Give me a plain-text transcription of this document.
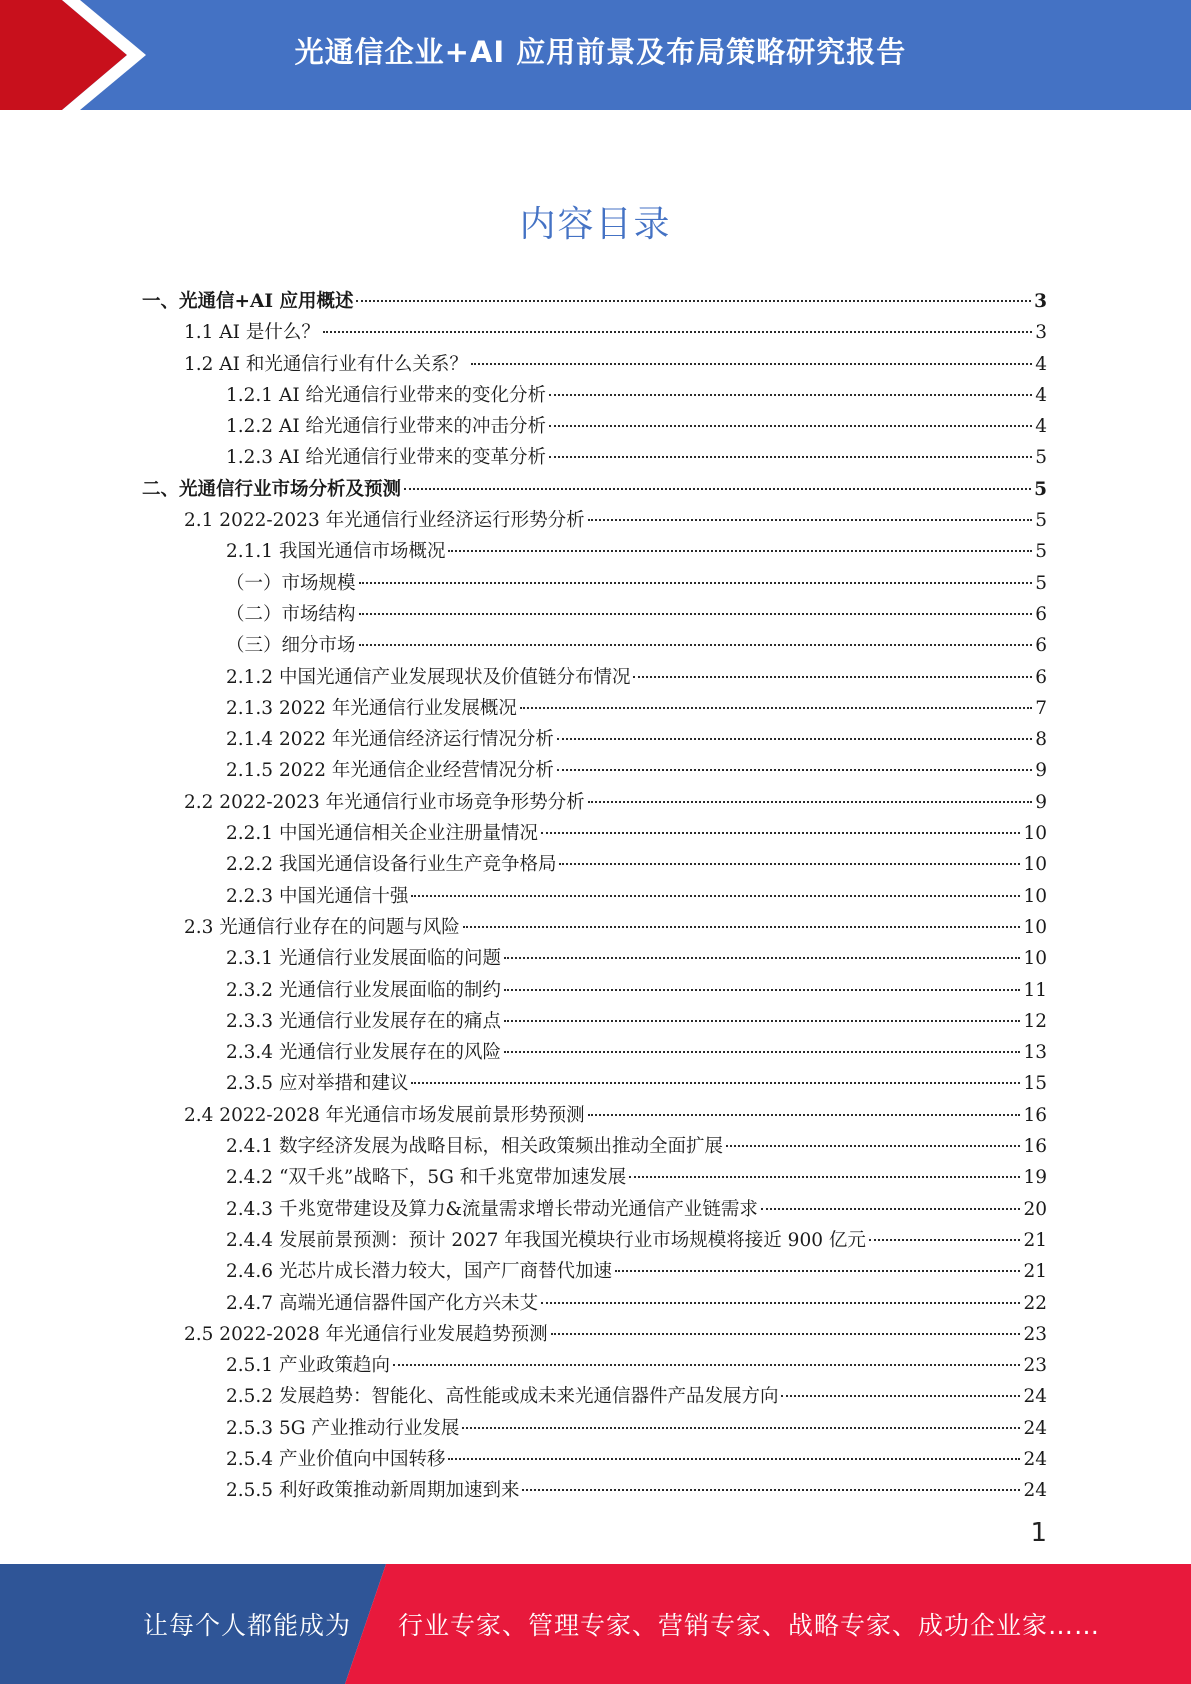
光通信企业+AI 应用前景及布局策略研究报告
内容目录
一、光通信+AI 应用概述	3
1.1 AI 是什么？	3
1.2 AI 和光通信行业有什么关系？	4
1.2.1 AI 给光通信行业带来的变化分析	4
1.2.2 AI 给光通信行业带来的冲击分析	4
1.2.3 AI 给光通信行业带来的变革分析	5
二、光通信行业市场分析及预测	5
2.1 2022-2023 年光通信行业经济运行形势分析	5
2.1.1 我国光通信市场概况	5
（一）市场规模	5
（二）市场结构	6
（三）细分市场	6
2.1.2 中国光通信产业发展现状及价值链分布情况	6
2.1.3 2022 年光通信行业发展概况	7
2.1.4 2022 年光通信经济运行情况分析	8
2.1.5 2022 年光通信企业经营情况分析	9
2.2 2022-2023 年光通信行业市场竞争形势分析	9
2.2.1 中国光通信相关企业注册量情况	10
2.2.2 我国光通信设备行业生产竞争格局	10
2.2.3 中国光通信十强	10
2.3 光通信行业存在的问题与风险	10
2.3.1 光通信行业发展面临的问题	10
2.3.2 光通信行业发展面临的制约	11
2.3.3 光通信行业发展存在的痛点	12
2.3.4 光通信行业发展存在的风险	13
2.3.5 应对举措和建议	15
2.4 2022-2028 年光通信市场发展前景形势预测	16
2.4.1 数字经济发展为战略目标，相关政策频出推动全面扩展	16
2.4.2 “双千兆”战略下，5G 和千兆宽带加速发展	19
2.4.3 千兆宽带建设及算力&流量需求增长带动光通信产业链需求	20
2.4.4 发展前景预测：预计 2027 年我国光模块行业市场规模将接近 900 亿元	21
2.4.6 光芯片成长潜力较大，国产厂商替代加速	21
2.4.7 高端光通信器件国产化方兴未艾	22
2.5 2022-2028 年光通信行业发展趋势预测	23
2.5.1 产业政策趋向	23
2.5.2 发展趋势：智能化、高性能或成未来光通信器件产品发展方向	24
2.5.3 5G 产业推动行业发展	24
2.5.4 产业价值向中国转移	24
2.5.5 利好政策推动新周期加速到来	24
1
让每个人都能成为 行业专家、管理专家、营销专家、战略专家、成功企业家……
